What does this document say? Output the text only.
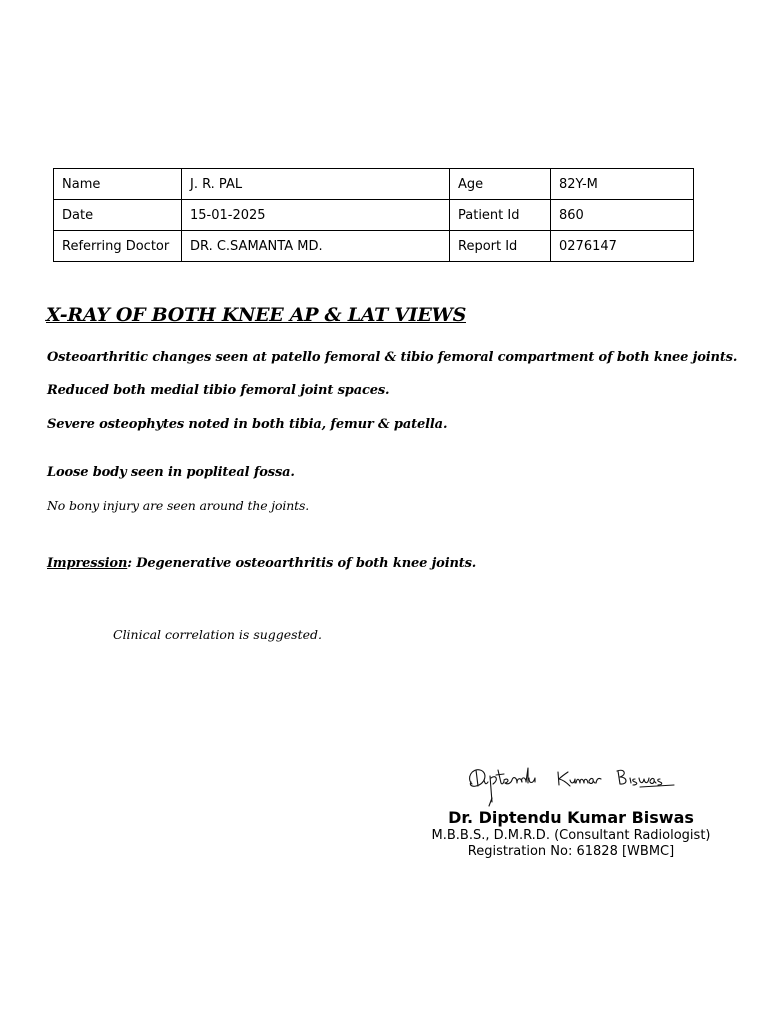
Name	J. R. PAL	Age	82Y-M
Date	15-01-2025	Patient Id	860
Referring Doctor	DR. C.SAMANTA MD.	Report Id	0276147
X-RAY OF BOTH KNEE AP & LAT VIEWS

Osteoarthritic changes seen at patello femoral & tibio femoral compartment of both knee joints.

Reduced both medial tibio femoral joint spaces.

Severe osteophytes noted in both tibia, femur & patella.

Loose body seen in popliteal fossa.

No bony injury are seen around the joints.

Impression: Degenerative osteoarthritis of both knee joints.

Clinical correlation is suggested.

Dr. Diptendu Kumar Biswas

M.B.B.S., D.M.R.D. (Consultant Radiologist)

Registration No: 61828 [WBMC]
